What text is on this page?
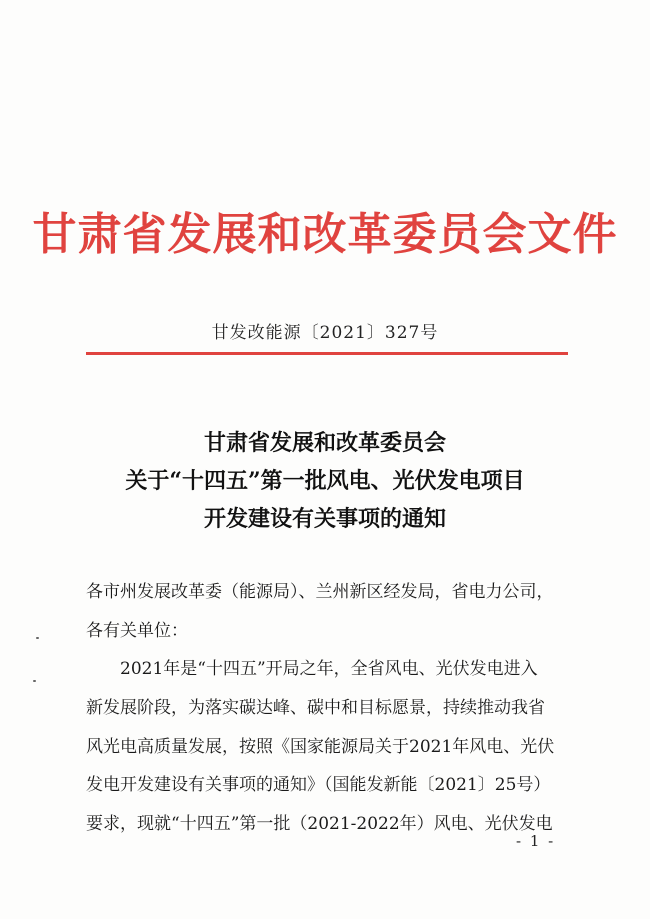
甘肃省发展和改革委员会文件
甘发改能源〔2021〕327号
甘肃省发展和改革委员会
关于“十四五”第一批风电、光伏发电项目
开发建设有关事项的通知
各市州发展改革委（能源局）、兰州新区经发局，省电力公司，
各有关单位：
2021年是“十四五”开局之年，全省风电、光伏发电进入
新发展阶段，为落实碳达峰、碳中和目标愿景，持续推动我省
风光电高质量发展，按照《国家能源局关于2021年风电、光伏
发电开发建设有关事项的通知》（国能发新能〔2021〕25号）
要求，现就“十四五”第一批（2021-2022年）风电、光伏发电
- 1 -
